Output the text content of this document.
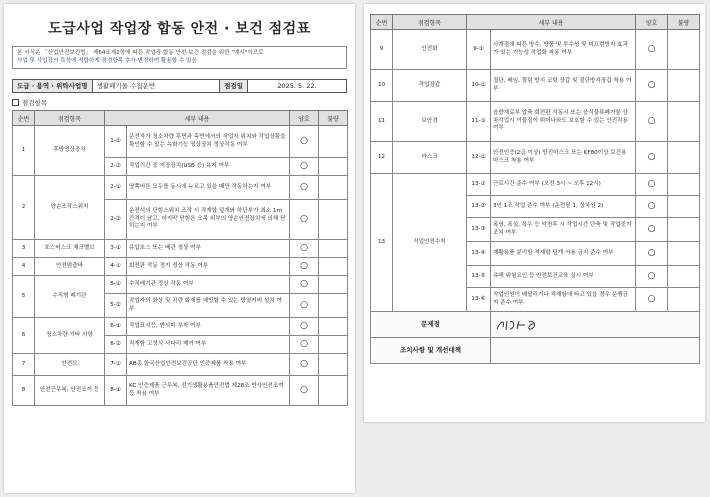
도급사업 작업장 합동 안전 · 보건 점검표
본 서식은 「산업안전보건법」 제64조제2항에 따른 작업장 합동 안전·보건 점검을 위한 "예시"이므로
사업 및 사업장의 특성에 적합하게 점검항목 추가·변경하여 활용할 수 있음
도급 · 용역 · 위탁사업명	생활폐기물 수집운반	점검일	2025. 5. 22.
점검항목
순번	점검항목	세부 내용		양호	불량
1	후방영상장치	1-①	운전자가 청소차량 후면과 측면에서의 작업자 위치와 작업상황을 확인할 수 있는 녹화기능 영상장치 정상작동 여부	○	
		2-②	작업기간 중 저장장치(USB 등) 유지 여부	○	
2	양손조작스위치	2-①	양쪽버튼 모두를 동시에 누르고 있을 때만 작동하는지 여부	○	
		2-②	운전석의 단힘스위치 조작 시 작재함 덮개와 하단부가 최소 1m 간격이 남고, 마지막 닫힘은 오목 외부의 양손안전장치에 의해 닫히는지 여부	○	
3	호스버스크 체크밸브	3-①	유압호스 또는 배관 정상 여부	○	
4	안전멈춤바	4-①	회전판 작동 정지 정상 작동 여부	○	
5	수직형 배기관	5-①	수직배기관 정상 작동 여부	○	
		5-②	작업자의 화상 및 차량 화재를 예방할 수 있는 방열커버 설치 여부	○	
6	청소차량 기타 사항	6-①	작업표시등, 반사띠 부착 여부	○	
		6-②	적재함 고정식 사다리 제거 여부	○	
7	안전모	7-①	AB종 한국산업안전보건공단 인증제품 착용 여부	○	
8	안전근무복, 안전조끼 등	8-①	KC 인증제품 근무복, 전기생활용품안전법 제28조 반사안전조끼 등 착용 여부	○	
순번	점검항목	세부 내용		양호	불량
9	안전화	9-①	사계절에 따른 방수, 방품 및 투수성 및 미끄럼방지 효과가 있는 기능성 작업화 착용 여부	○	
10	작업장갑	10-①	절단, 베임, 찔림 방지 코팅 장갑 및 절단방지장갑 착용 여부	○	
11	보안경	11-①	음향재료부 압축 회전판 작동시 또는 음식물류폐기물 상차작업시 이물질이 튀어나와도 보호할 수 있는 안전작용여부	○	
12	마스크	12-①	안전인증(2급 이상) 방진마스크 또는 KF80이상 보건용 마스크 착용 여부	○	
13	작업안전수칙	13-①	근로시간 준수 여부 (오전 3시 ~ 오후 12시)	○	
		13-②	3인 1조 작업 준수 여부 (운전원 1, 상차원 2)	○	
		13-③	폭염, 폭설, 폭우 등 악천후 시 작업시간 단축 및 작업중지 조치 여부	○	
		13-④	재활용품 분리함 적재함 덮개 서용 금지 준수 여부	○	
		13-⑤	유해 위험요인 등 안전보건교육 실시 여부	○	
		13-⑥	작업인원이 배달리거나 적재함에 타고 있을 경우 운행금지 준수 여부	○	
문제점	

조치사항 및 개선대책					
